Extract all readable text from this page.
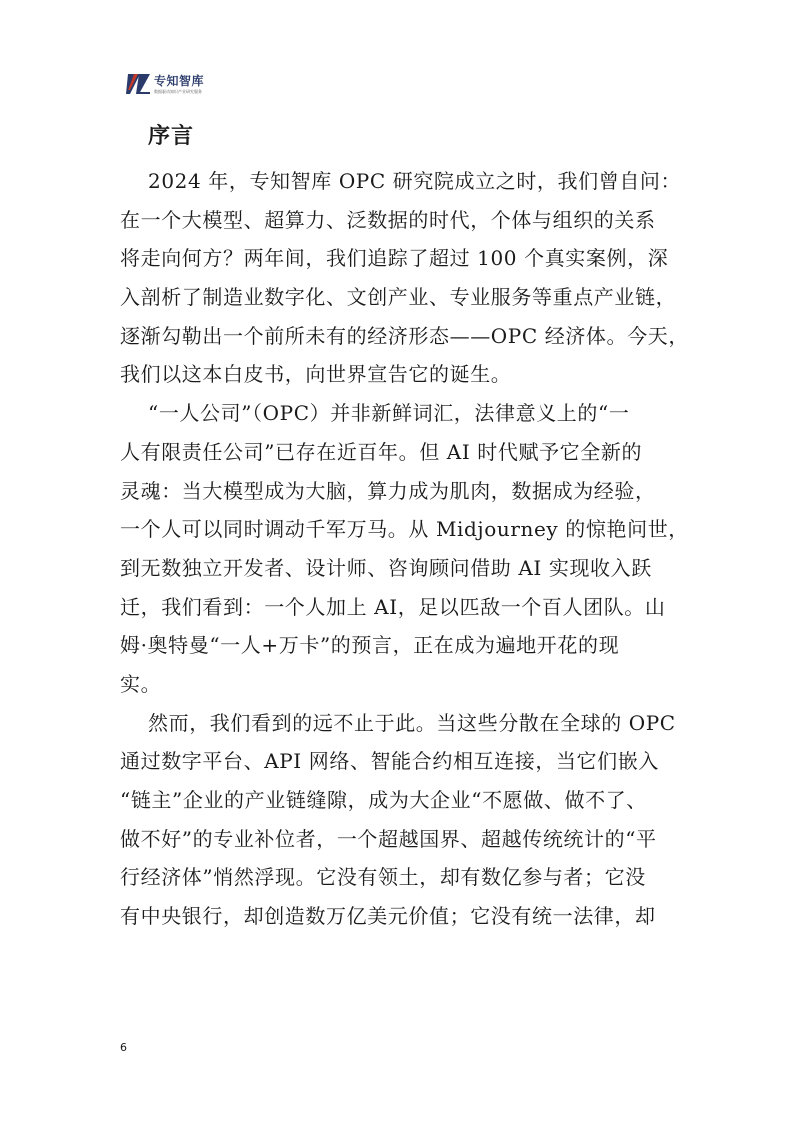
专知智库
数据驱动知识产业研究服务
序言
2024 年，专知智库 OPC 研究院成立之时，我们曾自问：
在一个大模型、超算力、泛数据的时代，个体与组织的关系
将走向何方？两年间，我们追踪了超过 100 个真实案例，深
入剖析了制造业数字化、文创产业、专业服务等重点产业链，
逐渐勾勒出一个前所未有的经济形态——OPC 经济体。今天，
我们以这本白皮书，向世界宣告它的诞生。
“一人公司”（OPC）并非新鲜词汇，法律意义上的“一
人有限责任公司”已存在近百年。但 AI 时代赋予它全新的
灵魂：当大模型成为大脑，算力成为肌肉，数据成为经验，
一个人可以同时调动千军万马。从 Midjourney 的惊艳问世，
到无数独立开发者、设计师、咨询顾问借助 AI 实现收入跃
迁，我们看到：一个人加上 AI，足以匹敌一个百人团队。山
姆·奥特曼“一人+万卡”的预言，正在成为遍地开花的现
实。
然而，我们看到的远不止于此。当这些分散在全球的 OPC
通过数字平台、API 网络、智能合约相互连接，当它们嵌入
“链主”企业的产业链缝隙，成为大企业“不愿做、做不了、
做不好”的专业补位者，一个超越国界、超越传统统计的“平
行经济体”悄然浮现。它没有领土，却有数亿参与者；它没
有中央银行，却创造数万亿美元价值；它没有统一法律，却
6
